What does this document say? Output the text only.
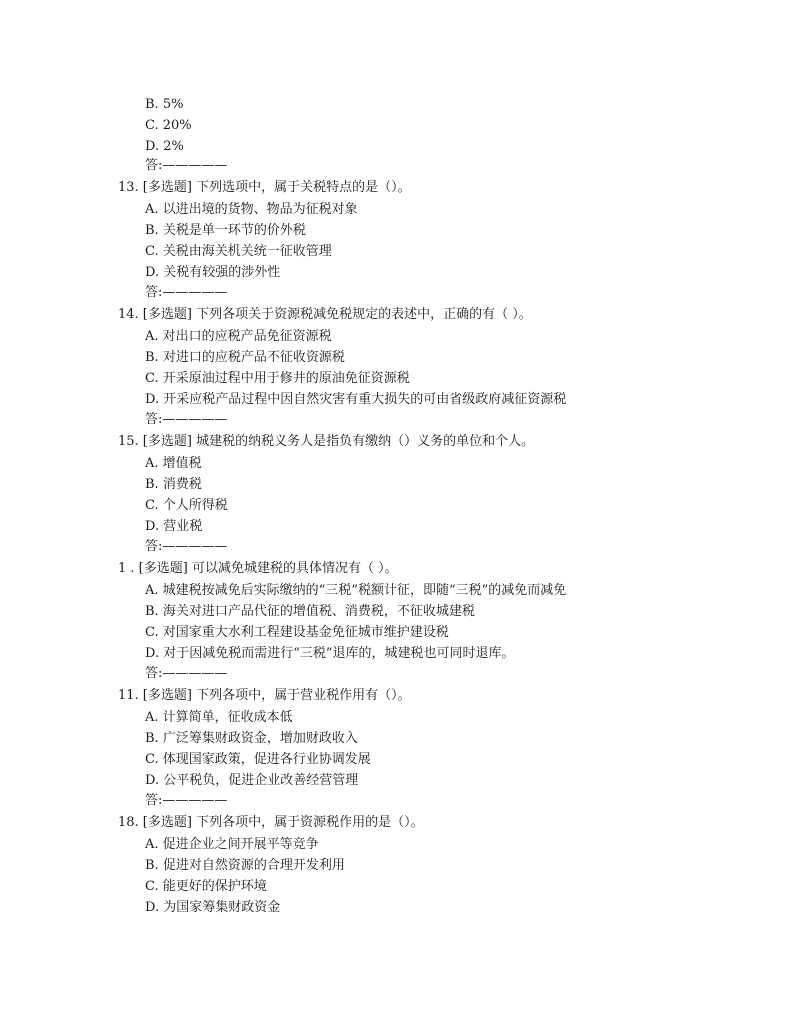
B. 5%
C. 20%
D. 2%
答:—————
13. [多选题] 下列选项中，属于关税特点的是（）。
A. 以进出境的货物、物品为征税对象
B. 关税是单一环节的价外税
C. 关税由海关机关统一征收管理
D. 关税有较强的涉外性
答:—————
14. [多选题] 下列各项关于资源税减免税规定的表述中，正确的有（ ）。
A. 对出口的应税产品免征资源税
B. 对进口的应税产品不征收资源税
C. 开采原油过程中用于修井的原油免征资源税
D. 开采应税产品过程中因自然灾害有重大损失的可由省级政府减征资源税
答:—————
15. [多选题] 城建税的纳税义务人是指负有缴纳（）义务的单位和个人。
A. 增值税
B. 消费税
C. 个人所得税
D. 营业税
答:—————
1 . [多选题] 可以减免城建税的具体情况有（ ）。
A. 城建税按减免后实际缴纳的“三税”税额计征，即随“三税”的减免而减免
B. 海关对进口产品代征的增值税、消费税，不征收城建税
C. 对国家重大水利工程建设基金免征城市维护建设税
D. 对于因减免税而需进行“三税”退库的，城建税也可同时退库。
答:—————
11. [多选题] 下列各项中，属于营业税作用有（）。
A. 计算简单，征收成本低
B. 广泛筹集财政资金，增加财政收入
C. 体现国家政策，促进各行业协调发展
D. 公平税负，促进企业改善经营管理
答:—————
18. [多选题] 下列各项中，属于资源税作用的是（）。
A. 促进企业之间开展平等竞争
B. 促进对自然资源的合理开发利用
C. 能更好的保护环境
D. 为国家筹集财政资金
